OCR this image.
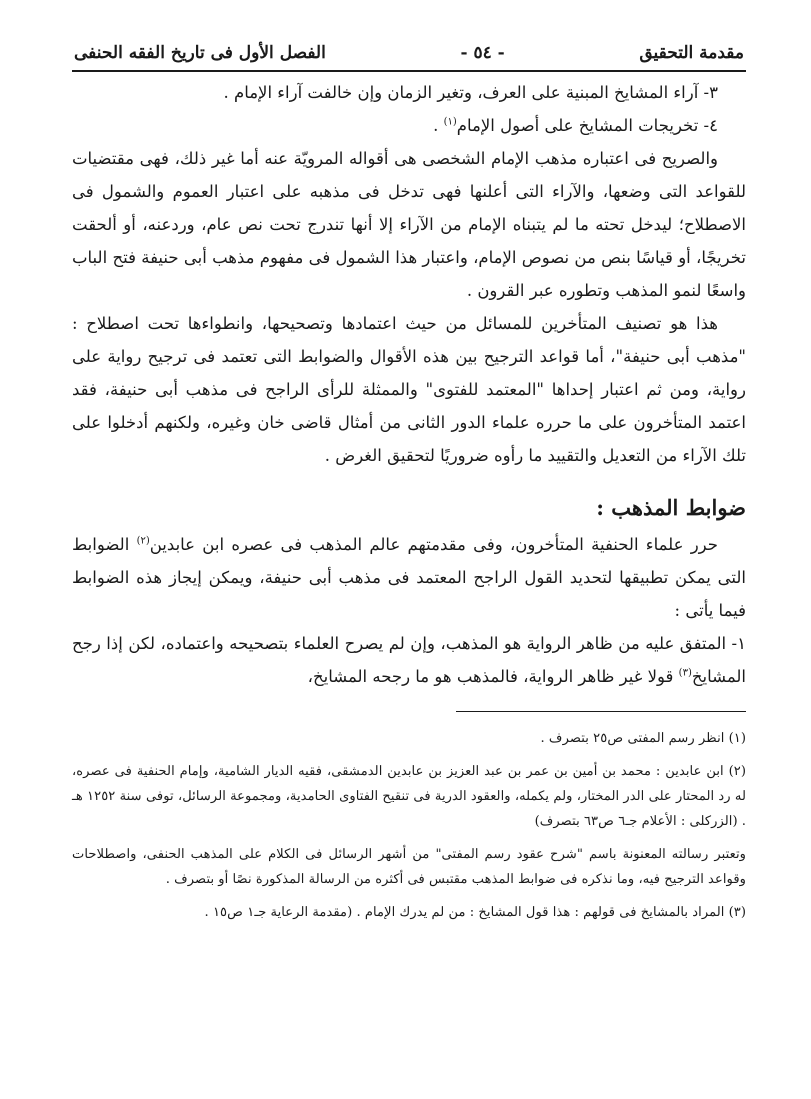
مقدمة التحقيق
- ٥٤ -
الفصل الأول فى تاريخ الفقه الحنفى

٣- آراء المشايخ المبنية على العرف، وتغير الزمان وإن خالفت آراء الإمام .

٤- تخريجات المشايخ على أصول الإمام$^{(١)}$ .

والصريح فى اعتباره مذهب الإمام الشخصى هى أقواله المرويّة عنه أما غير ذلك، فهى مقتضيات للقواعد التى وضعها، والآراء التى أعلنها فهى تدخل فى مذهبه على اعتبار العموم والشمول فى الاصطلاح؛ ليدخل تحته ما لم يتبناه الإمام من الآراء إلا أنها تندرج تحت نص عام، وردعنه، أو ألحقت تخريجًا، أو قياسًا بنص من نصوص الإمام، واعتبار هذا الشمول فى مفهوم مذهب أبى حنيفة فتح الباب واسعًا لنمو المذهب وتطوره عبر القرون .

هذا هو تصنيف المتأخرين للمسائل من حيث اعتمادها وتصحيحها، وانطواءها تحت اصطلاح : "مذهب أبى حنيفة"، أما قواعد الترجيح بين هذه الأقوال والضوابط التى تعتمد فى ترجيح رواية على رواية، ومن ثم اعتبار إحداها "المعتمد للفتوى" والممثلة للرأى الراجح فى مذهب أبى حنيفة، فقد اعتمد المتأخرون على ما حرره علماء الدور الثانى من أمثال قاضى خان وغيره، ولكنهم أدخلوا على تلك الآراء من التعديل والتقييد ما رأوه ضروريًا لتحقيق الغرض .

ضوابط المذهب :

حرر علماء الحنفية المتأخرون، وفى مقدمتهم عالم المذهب فى عصره ابن عابدين$^{(٢)}$ الضوابط التى يمكن تطبيقها لتحديد القول الراجح المعتمد فى مذهب أبى حنيفة، ويمكن إيجاز هذه الضوابط فيما يأتى :

١- المتفق عليه من ظاهر الرواية هو المذهب، وإن لم يصرح العلماء بتصحيحه واعتماده، لكن إذا رجح المشايخ$^{(٣)}$ قولا غير ظاهر الرواية، فالمذهب هو ما رجحه المشايخ،

(١) انظر رسم المفتى ص٢٥ بتصرف .

(٢) ابن عابدين : محمد بن أمين بن عمر بن عبد العزيز بن عابدين الدمشقى، فقيه الديار الشامية، وإمام الحنفية فى عصره، له رد المحتار على الدر المختار، ولم يكمله، والعقود الدرية فى تنقيح الفتاوى الحامدية، ومجموعة الرسائل، توفى سنة ١٢٥٢ هـ . (الزركلى : الأعلام جـ٦ ص٦٣ بتصرف)

وتعتبر رسالته المعنونة باسم "شرح عقود رسم المفتى" من أشهر الرسائل فى الكلام على المذهب الحنفى، واصطلاحات وقواعد الترجيح فيه، وما نذكره فى ضوابط المذهب مقتبس فى أكثره من الرسالة المذكورة نصًا أو بتصرف .

(٣) المراد بالمشايخ فى قولهم : هذا قول المشايخ : من لم يدرك الإمام . (مقدمة الرعاية جـ١ ص١٥ .
